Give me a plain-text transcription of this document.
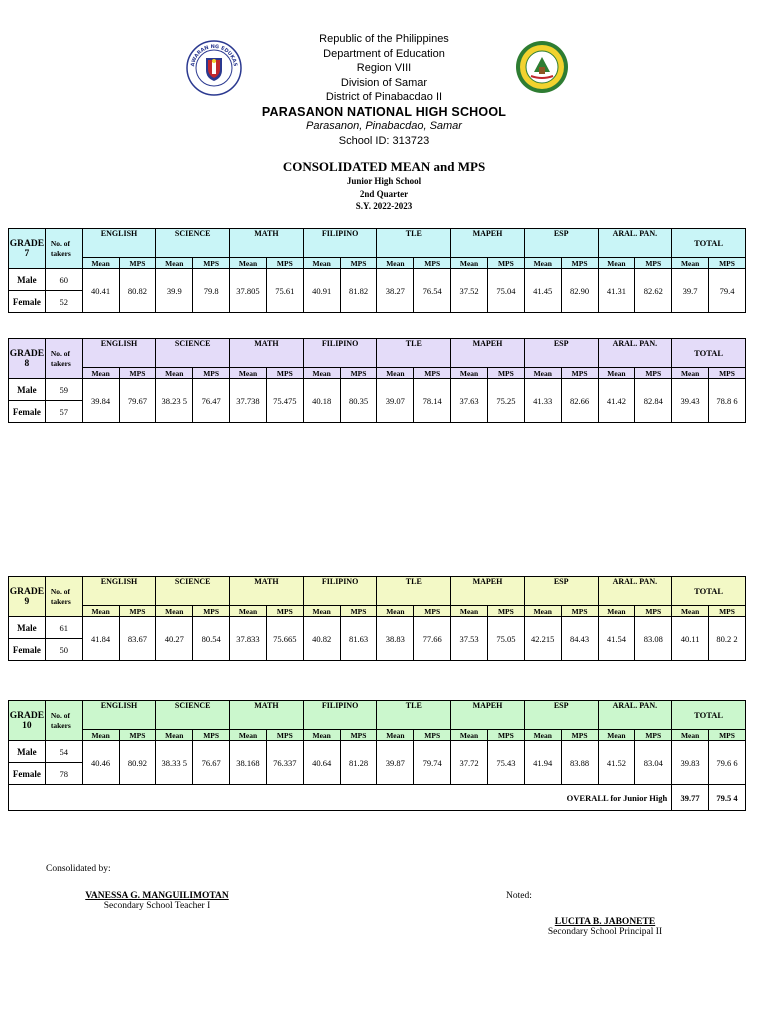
AWARAN NG EDUKAS
Republic of the Philippines
Department of Education
Region VIII
Division of Samar
District of Pinabacdao II
PARASANON NATIONAL HIGH SCHOOL
Parasanon, Pinabacdao, Samar
School ID: 313723
CONSOLIDATED MEAN and MPS
Junior High School
2nd Quarter
S.Y. 2022-2023
GRADE 7	No. of takers	ENGLISH		SCIENCE		MATH		FILIPINO		TLE		MAPEH		ESP		ARAL. PAN.		TOTAL	
		Mean	MPS	Mean	MPS	Mean	MPS	Mean	MPS	Mean	MPS	Mean	MPS	Mean	MPS	Mean	MPS	Mean	MPS
Male	60	40.41	80.82	39.9	79.8	37.805	75.61	40.91	81.82	38.27	76.54	37.52	75.04	41.45	82.90	41.31	82.62	39.7	79.4
Female	52																		
GRADE 8	No. of takers	ENGLISH		SCIENCE		MATH		FILIPINO		TLE		MAPEH		ESP		ARAL. PAN.		TOTAL	
		Mean	MPS	Mean	MPS	Mean	MPS	Mean	MPS	Mean	MPS	Mean	MPS	Mean	MPS	Mean	MPS	Mean	MPS
Male	59	39.84	79.67	38.23 5	76.47	37.738	75.475	40.18	80.35	39.07	78.14	37.63	75.25	41.33	82.66	41.42	82.84	39.43	78.8 6
Female	57																		
GRADE 9	No. of takers	ENGLISH		SCIENCE		MATH		FILIPINO		TLE		MAPEH		ESP		ARAL. PAN.		TOTAL	
		Mean	MPS	Mean	MPS	Mean	MPS	Mean	MPS	Mean	MPS	Mean	MPS	Mean	MPS	Mean	MPS	Mean	MPS
Male	61	41.84	83.67	40.27	80.54	37.833	75.665	40.82	81.63	38.83	77.66	37.53	75.05	42.215	84.43	41.54	83.08	40.11	80.2 2
Female	50																		
GRADE 10	No. of takers	ENGLISH		SCIENCE		MATH		FILIPINO		TLE		MAPEH		ESP		ARAL. PAN.		TOTAL	
		Mean	MPS	Mean	MPS	Mean	MPS	Mean	MPS	Mean	MPS	Mean	MPS	Mean	MPS	Mean	MPS	Mean	MPS
Male	54	40.46	80.92	38.33 5	76.67	38.168	76.337	40.64	81.28	39.87	79.74	37.72	75.43	41.94	83.88	41.52	83.04	39.83	79.6 6
Female	78																		
OVERALL for Junior High																		39.77	79.5 4
Consolidated by:
VANESSA G. MANGUILIMOTAN
Secondary School Teacher I
Noted:
LUCITA B. JABONETE
Secondary School Principal II
